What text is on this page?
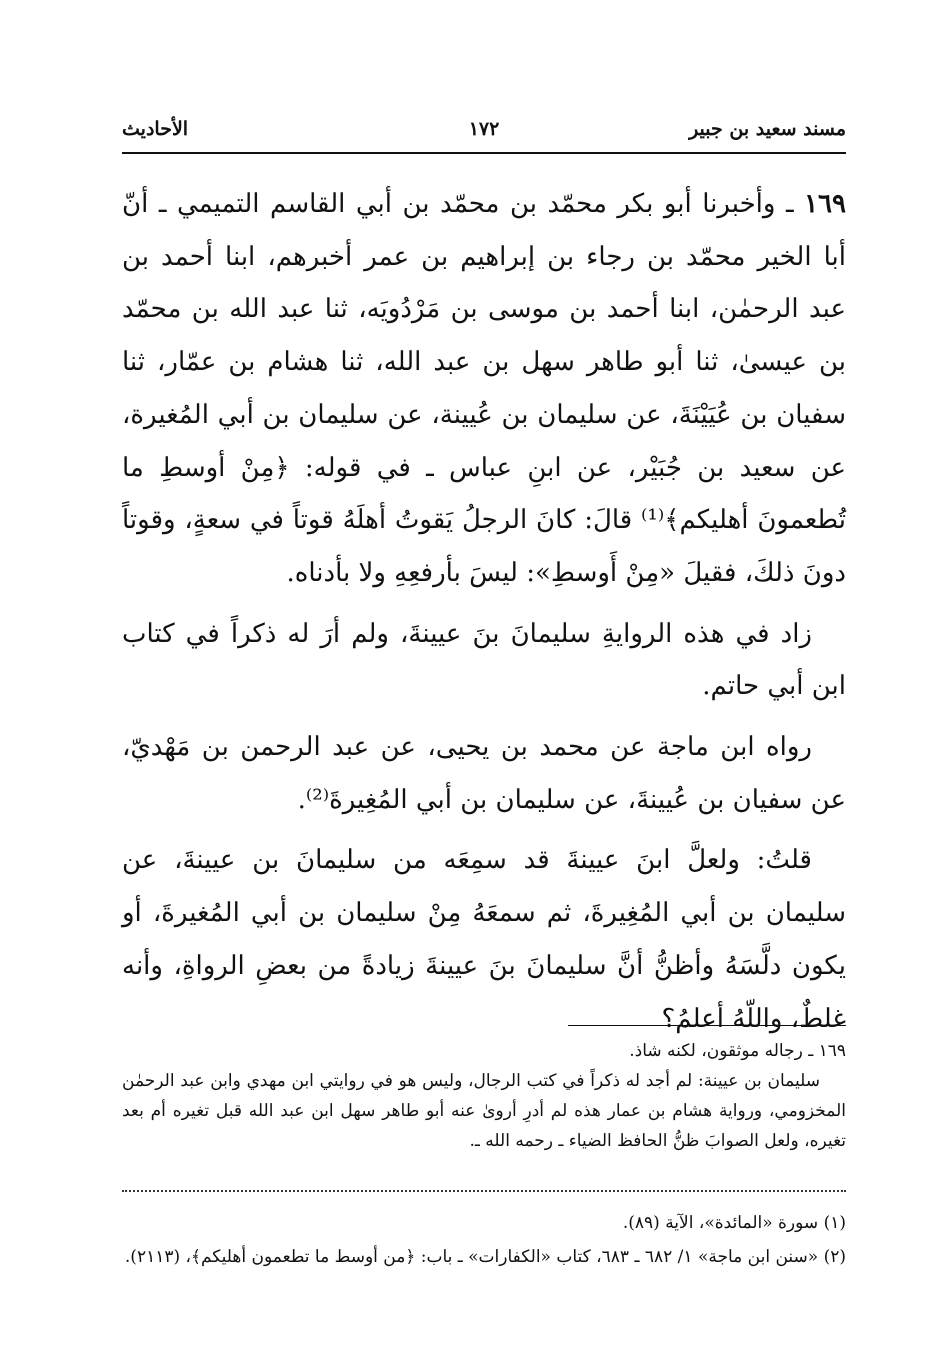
مسند سعيد بن جبير
١٧٢
الأحاديث

١٦٩ ـ وأخبرنا أبو بكر محمّد بن محمّد بن أبي القاسم التميمي ـ أنّ أبا الخير محمّد بن رجاء بن إبراهيم بن عمر أخبرهم، ابنا أحمد بن عبد الرحمٰن، ابنا أحمد بن موسى بن مَرْدُويَه، ثنا عبد الله بن محمّد بن عيسىٰ، ثنا أبو طاهر سهل بن عبد الله، ثنا هشام بن عمّار، ثنا سفيان بن عُيَيْنَةَ، عن سليمان بن عُيينة، عن سليمان بن أبي المُغيرة، عن سعيد بن جُبَيْر، عن ابنِ عباس ـ في قوله: ﴿مِنْ أوسطِ ما تُطعمونَ أهليكم﴾⁽¹⁾ قالَ: كانَ الرجلُ يَقوتُ أهلَهُ قوتاً في سعةٍ، وقوتاً دونَ ذلكَ، فقيلَ «مِنْ أَوسطِ»: ليسَ بأرفعِهِ ولا بأدناه.

زاد في هذه الروايةِ سليمانَ بنَ عيينةَ، ولم أرَ له ذكراً في كتاب ابن أبي حاتم.

رواه ابن ماجة عن محمد بن يحيى، عن عبد الرحمن بن مَهْديّ، عن سفيان بن عُيينةَ، عن سليمان بن أبي المُغِيرةَ⁽²⁾.

قلتُ: ولعلَّ ابنَ عيينةَ قد سمِعَه من سليمانَ بن عيينةَ، عن سليمان بن أبي المُغِيرةَ، ثم سمعَهُ مِنْ سليمان بن أبي المُغيرةَ، أو يكون دلَّسَهُ وأظنُّ أنَّ سليمانَ بنَ عيينةَ زيادةً من بعضِ الرواةِ، وأنه غلطٌ، واللّهُ أعلمُ؟

١٦٩ ـ رجاله موثقون، لكنه شاذ.

سليمان بن عيينة: لم أجد له ذكراً في كتب الرجال، وليس هو في روايتي ابن مهدي وابن عبد الرحمٰن المخزومي، ورواية هشام بن عمار هذه لم أدرِ أروىٰ عنه أبو طاهر سهل ابن عبد الله قبل تغيره أم بعد تغيره، ولعل الصوابَ ظنُّ الحافظ الضياء ـ رحمه الله ـ.

(١) سورة «المائدة»، الآية (٨٩).

(٢) «سنن ابن ماجة» ١/ ٦٨٢ ـ ٦٨٣، كتاب «الكفارات» ـ باب: ﴿من أوسط ما تطعمون أهليكم﴾، (٢١١٣).
